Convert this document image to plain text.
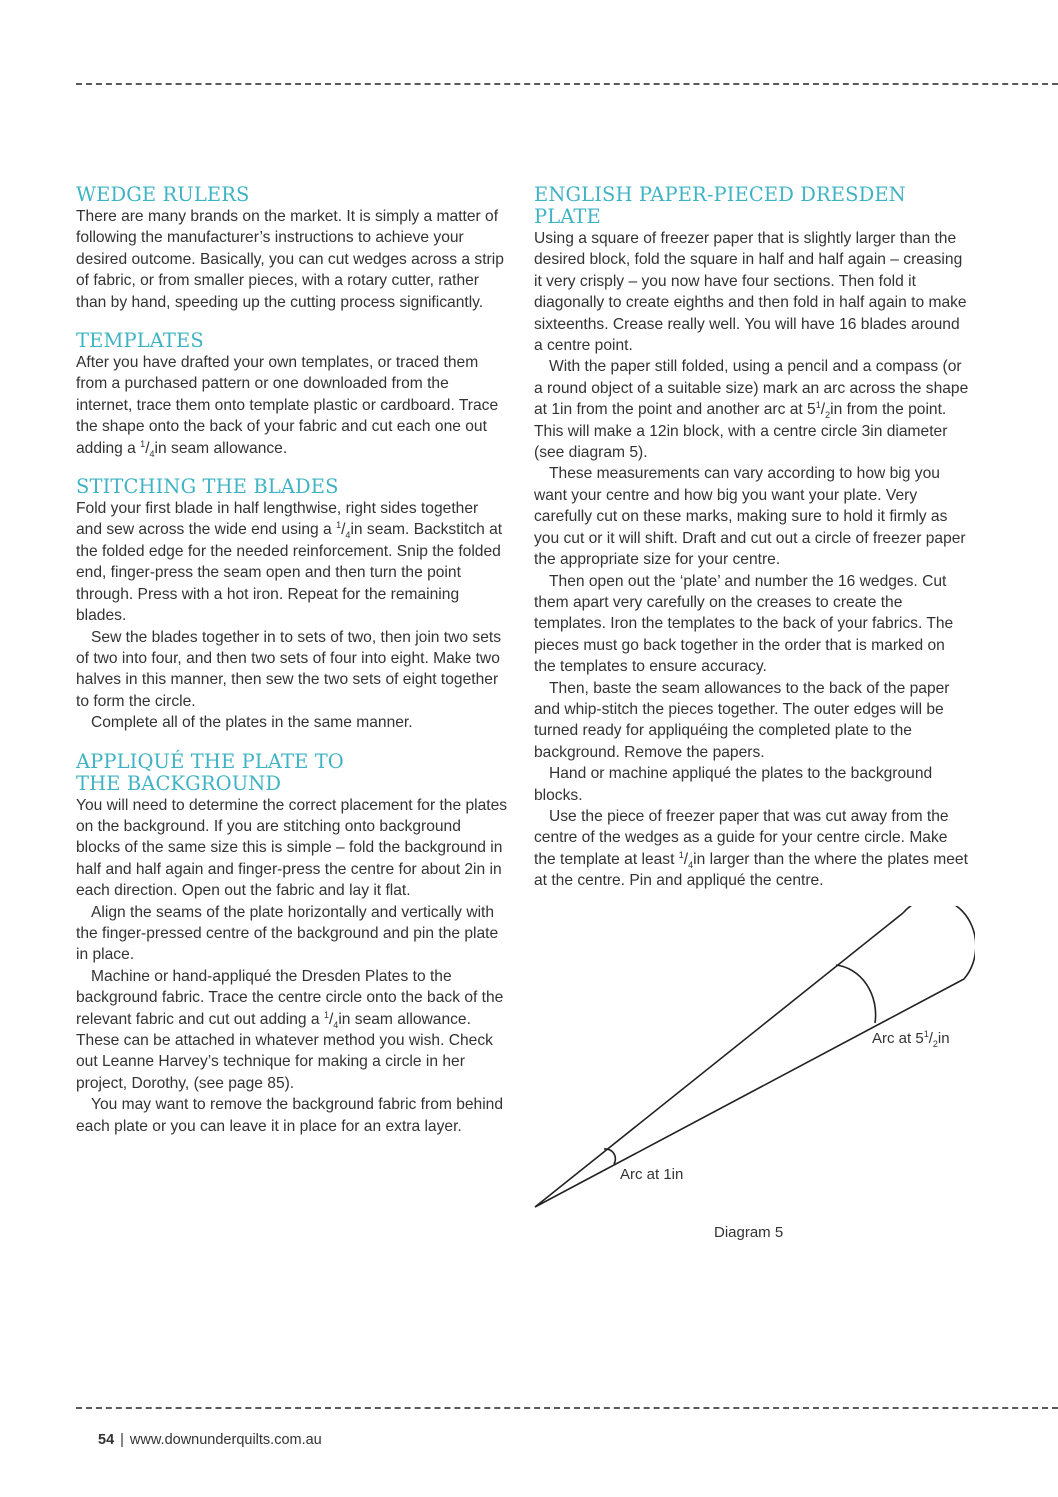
WEDGE RULERS

There are many brands on the market. It is simply a matter of following the manufacturer’s instructions to achieve your desired outcome. Basically, you can cut wedges across a strip of fabric, or from smaller pieces, with a rotary cutter, rather than by hand, speeding up the cutting process significantly.

TEMPLATES

After you have drafted your own templates, or traced them from a purchased pattern or one downloaded from the internet, trace them onto template plastic or cardboard. Trace the shape onto the back of your fabric and cut each one out adding a $^1/_4in$ seam allowance.

STITCHING THE BLADES

Fold your first blade in half lengthwise, right sides together and sew across the wide end using a $^1/_4in$ seam. Backstitch at the folded edge for the needed reinforcement. Snip the folded end, finger-press the seam open and then turn the point through. Press with a hot iron. Repeat for the remaining blades.

Sew the blades together in to sets of two, then join two sets of two into four, and then two sets of four into eight. Make two halves in this manner, then sew the two sets of eight together to form the circle.

Complete all of the plates in the same manner.

APPLIQUÉ THE PLATE TO
THE BACKGROUND

You will need to determine the correct placement for the plates on the background. If you are stitching onto background blocks of the same size this is simple – fold the background in half and half again and finger-press the centre for about 2in in each direction. Open out the fabric and lay it flat.

Align the seams of the plate horizontally and vertically with the finger-pressed centre of the background and pin the plate in place.

Machine or hand-appliqué the Dresden Plates to the background fabric. Trace the centre circle onto the back of the relevant fabric and cut out adding a $^1/_4in$ seam allowance. These can be attached in whatever method you wish. Check out Leanne Harvey’s technique for making a circle in her project, Dorothy, (see page 85).

You may want to remove the background fabric from behind each plate or you can leave it in place for an extra layer.

ENGLISH PAPER-PIECED DRESDEN PLATE

Using a square of freezer paper that is slightly larger than the desired block, fold the square in half and half again – creasing it very crisply – you now have four sections. Then fold it diagonally to create eighths and then fold in half again to make sixteenths. Crease really well. You will have 16 blades around a centre point.

With the paper still folded, using a pencil and a compass (or a round object of a suitable size) mark an arc across the shape at 1in from the point and another arc at $5^1/_2in$ from the point. This will make a 12in block, with a centre circle 3in diameter (see diagram 5).

These measurements can vary according to how big you want your centre and how big you want your plate. Very carefully cut on these marks, making sure to hold it firmly as you cut or it will shift. Draft and cut out a circle of freezer paper the appropriate size for your centre.

Then open out the ‘plate’ and number the 16 wedges. Cut them apart very carefully on the creases to create the templates. Iron the templates to the back of your fabrics. The pieces must go back together in the order that is marked on the templates to ensure accuracy.

Then, baste the seam allowances to the back of the paper and whip-stitch the pieces together. The outer edges will be turned ready for appliquéing the completed plate to the background. Remove the papers.

Hand or machine appliqué the plates to the background blocks.

Use the piece of freezer paper that was cut away from the centre of the wedges as a guide for your centre circle. Make the template at least $^1/_4in$ larger than the where the plates meet at the centre. Pin and appliqué the centre.

Arc at $5^1/_2in$
Arc at 1in
Diagram 5
54 | www.downunderquilts.com.au
